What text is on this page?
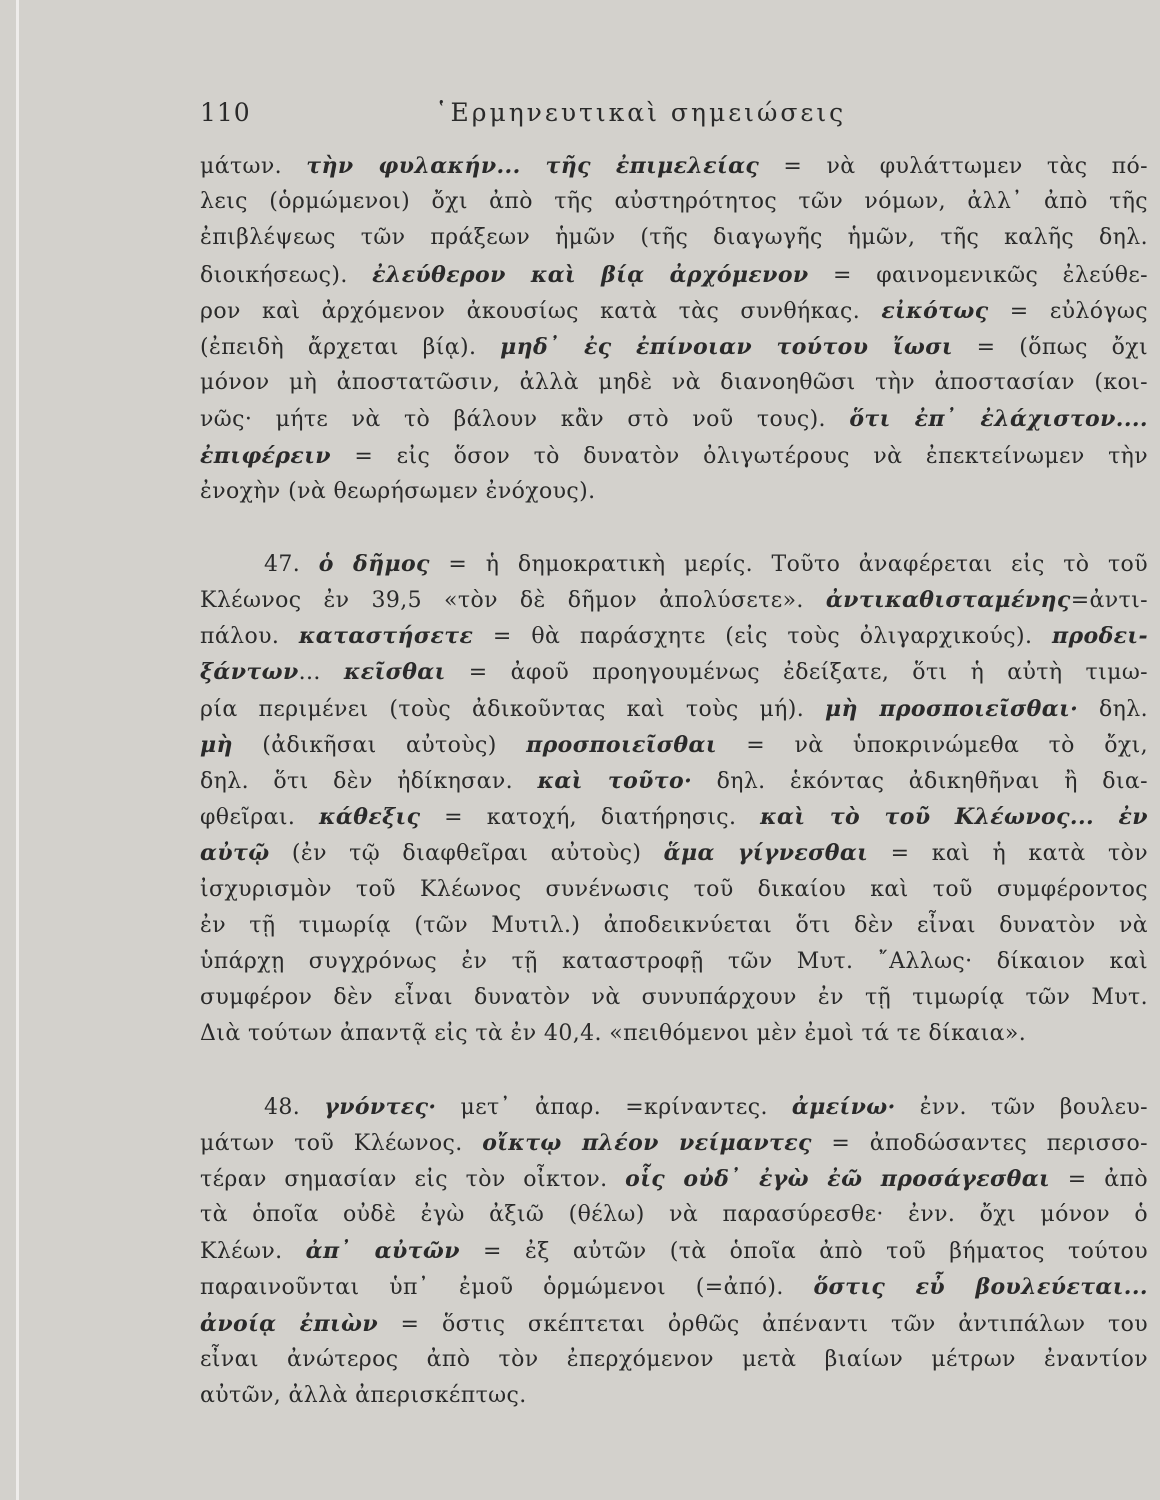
110	῾Ερμηνευτικαὶ σημειώσεις
μάτων. τὴν φυλακήν... τῆς ἐπιμελείας = νὰ φυλάττωμεν τὰς πό-
λεις (ὁρμώμενοι) ὄχι ἀπὸ τῆς αὐστηρότητος τῶν νόμων, ἀλλ᾽ ἀπὸ τῆς
ἐπιβλέψεως τῶν πράξεων ἡμῶν (τῆς διαγωγῆς ἡμῶν, τῆς καλῆς δηλ.
διοικήσεως). ἐλεύθερον καὶ βίᾳ ἀρχόμενον = φαινομενικῶς ἐλεύθε-
ρον καὶ ἀρχόμενον ἀκουσίως κατὰ τὰς συνθήκας. εἰκότως = εὐλόγως
(ἐπειδὴ ἄρχεται βίᾳ). μηδ᾽ ἐς ἐπίνοιαν τούτου ἴωσι = (ὅπως ὄχι
μόνον μὴ ἀποστατῶσιν, ἀλλὰ μηδὲ νὰ διανοηθῶσι τὴν ἀποστασίαν (κοι-
νῶς· μήτε νὰ τὸ βάλουν κἂν στὸ νοῦ τους). ὅτι ἐπ᾽ ἐλάχιστον....
ἐπιφέρειν = εἰς ὅσον τὸ δυνατὸν ὀλιγωτέρους νὰ ἐπεκτείνωμεν τὴν
ἐνοχὴν (νὰ θεωρήσωμεν ἐνόχους).
47. ὁ δῆμος = ἡ δημοκρατικὴ μερίς. Τοῦτο ἀναφέρεται εἰς τὸ τοῦ
Κλέωνος ἐν 39,5 «τὸν δὲ δῆμον ἀπολύσετε». ἀντικαθισταμένης=ἀντι-
πάλου. καταστήσετε = θὰ παράσχητε (εἰς τοὺς ὀλιγαρχικούς). προδει-
ξάντων... κεῖσθαι = ἀφοῦ προηγουμένως ἐδείξατε, ὅτι ἡ αὐτὴ τιμω-
ρία περιμένει (τοὺς ἀδικοῦντας καὶ τοὺς μή). μὴ προσποιεῖσθαι· δηλ.
μὴ (ἀδικῆσαι αὐτοὺς) προσποιεῖσθαι = νὰ ὑποκρινώμεθα τὸ ὄχι,
δηλ. ὅτι δὲν ἠδίκησαν. καὶ τοῦτο· δηλ. ἑκόντας ἀδικηθῆναι ἢ δια-
φθεῖραι. κάθεξις = κατοχή, διατήρησις. καὶ τὸ τοῦ Κλέωνος... ἐν
αὐτῷ (ἐν τῷ διαφθεῖραι αὐτοὺς) ἅμα γίγνεσθαι = καὶ ἡ κατὰ τὸν
ἰσχυρισμὸν τοῦ Κλέωνος συνένωσις τοῦ δικαίου καὶ τοῦ συμφέροντος
ἐν τῇ τιμωρίᾳ (τῶν Μυτιλ.) ἀποδεικνύεται ὅτι δὲν εἶναι δυνατὸν νὰ
ὑπάρχῃ συγχρόνως ἐν τῇ καταστροφῇ τῶν Μυτ. ῎Αλλως· δίκαιον καὶ
συμφέρον δὲν εἶναι δυνατὸν νὰ συνυπάρχουν ἐν τῇ τιμωρίᾳ τῶν Μυτ.
Διὰ τούτων ἀπαντᾷ εἰς τὰ ἐν 40,4. «πειθόμενοι μὲν ἐμοὶ τά τε δίκαια».
48. γνόντες· μετ᾽ ἀπαρ. =κρίναντες. ἀμείνω· ἐνν. τῶν βουλευ-
μάτων τοῦ Κλέωνος. οἴκτῳ πλέον νείμαντες = ἀποδώσαντες περισσο-
τέραν σημασίαν εἰς τὸν οἶκτον. οἷς οὐδ᾽ ἐγὼ ἐῶ προσάγεσθαι = ἀπὸ
τὰ ὁποῖα οὐδὲ ἐγὼ ἀξιῶ (θέλω) νὰ παρασύρεσθε· ἐνν. ὄχι μόνον ὁ
Κλέων. ἀπ᾽ αὐτῶν = ἐξ αὐτῶν (τὰ ὁποῖα ἀπὸ τοῦ βήματος τούτου
παραινοῦνται ὑπ᾽ ἐμοῦ ὁρμώμενοι (=ἀπό). ὅστις εὖ βουλεύεται...
ἀνοίᾳ ἐπιὼν = ὅστις σκέπτεται ὀρθῶς ἀπέναντι τῶν ἀντιπάλων του
εἶναι ἀνώτερος ἀπὸ τὸν ἐπερχόμενον μετὰ βιαίων μέτρων ἐναντίον
αὐτῶν, ἀλλὰ ἀπερισκέπτως.
